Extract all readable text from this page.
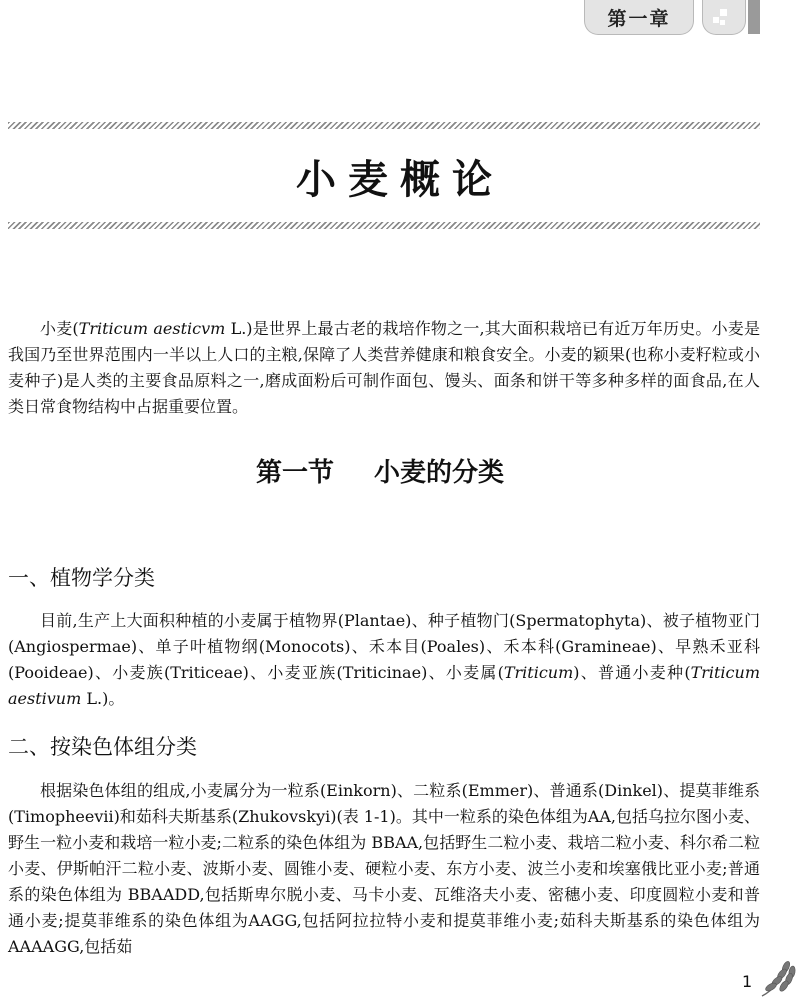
第一章
小麦概论

小麦(Triticum aesticvm L.)是世界上最古老的栽培作物之一,其大面积栽培已有近万年历史。小麦是我国乃至世界范围内一半以上人口的主粮,保障了人类营养健康和粮食安全。小麦的颖果(也称小麦籽粒或小麦种子)是人类的主要食品原料之一,磨成面粉后可制作面包、馒头、面条和饼干等多种多样的面食品,在人类日常食物结构中占据重要位置。

第一节 小麦的分类
一、植物学分类

目前,生产上大面积种植的小麦属于植物界(Plantae)、种子植物门(Spermatophyta)、被子植物亚门(Angiospermae)、单子叶植物纲(Monocots)、禾本目(Poales)、禾本科(Gramineae)、早熟禾亚科(Pooideae)、小麦族(Triticeae)、小麦亚族(Triticinae)、小麦属(Triticum)、普通小麦种(Triticum aestivum L.)。

二、按染色体组分类

根据染色体组的组成,小麦属分为一粒系(Einkorn)、二粒系(Emmer)、普通系(Dinkel)、提莫菲维系(Timopheevii)和茹科夫斯基系(Zhukovskyi)(表 1-1)。其中一粒系的染色体组为AA,包括乌拉尔图小麦、野生一粒小麦和栽培一粒小麦;二粒系的染色体组为 BBAA,包括野生二粒小麦、栽培二粒小麦、科尔希二粒小麦、伊斯帕汗二粒小麦、波斯小麦、圆锥小麦、硬粒小麦、东方小麦、波兰小麦和埃塞俄比亚小麦;普通系的染色体组为 BBAADD,包括斯卑尔脱小麦、马卡小麦、瓦维洛夫小麦、密穗小麦、印度圆粒小麦和普通小麦;提莫菲维系的染色体组为AAGG,包括阿拉拉特小麦和提莫菲维小麦;茹科夫斯基系的染色体组为 AAAAGG,包括茹

1
